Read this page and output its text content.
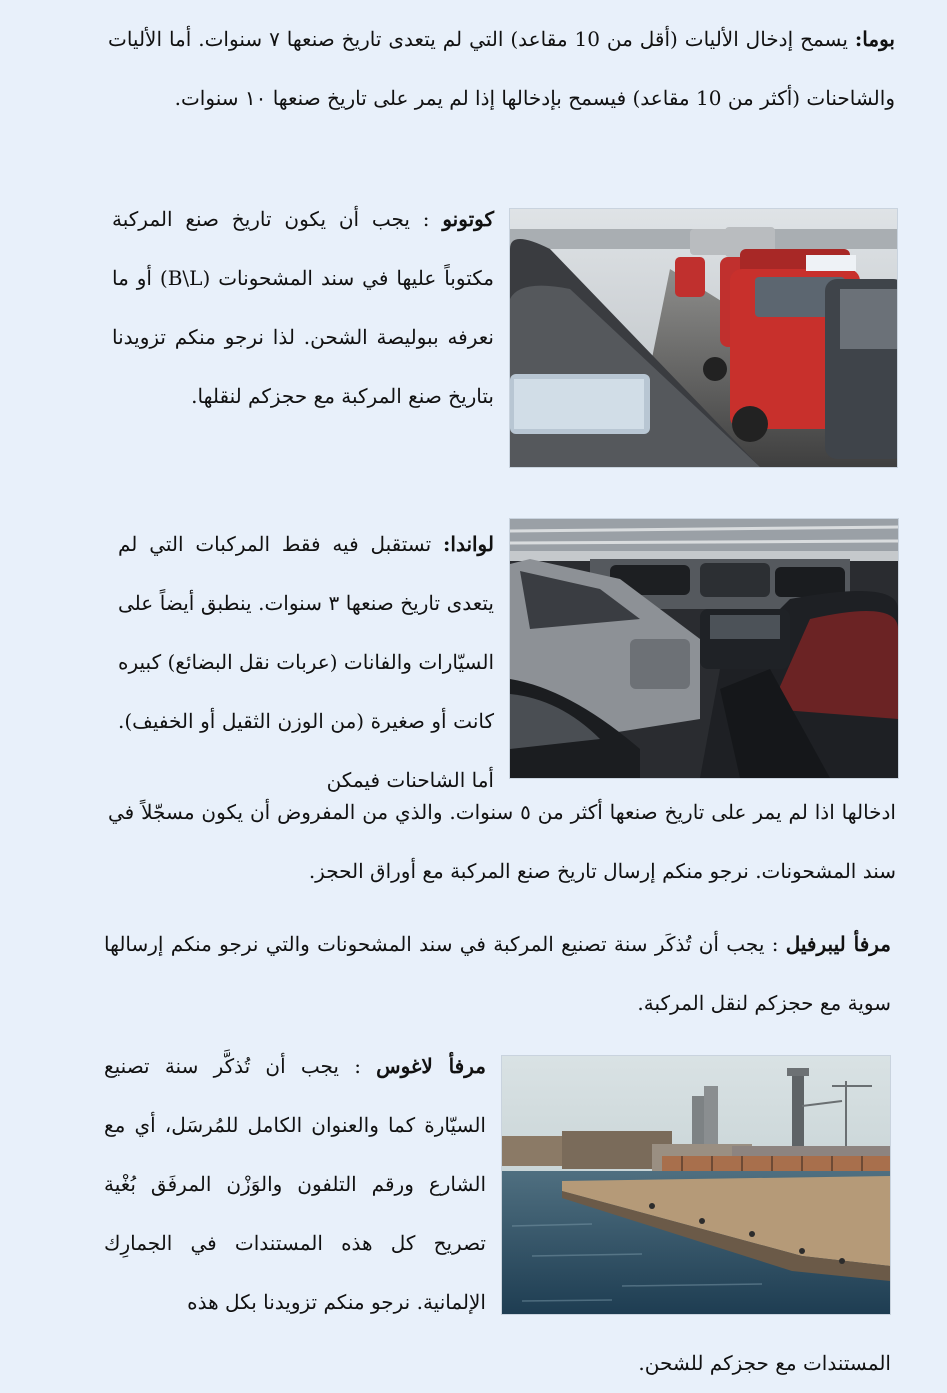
بوما: يسمح إدخال الأليات (أقل من 10 مقاعد) التي لم يتعدى تاريخ صنعها ٧ سنوات. أما الأليات والشاحنات (أكثر من 10 مقاعد) فيسمح بإدخالها إذا لم يمر على تاريخ صنعها ١٠ سنوات.

كوتونو : يجب أن يكون تاريخ صنع المركبة مكتوباً عليها في سند المشحونات (B\L) أو ما نعرفه ببوليصة الشحن. لذا نرجو منكم تزويدنا بتاريخ صنع المركبة مع حجزكم لنقلها.

لواندا: تستقبل فيه فقط المركبات التي لم يتعدى تاريخ صنعها ٣ سنوات. ينطبق أيضاً على السيّارات والفانات (عربات نقل البضائع) كبيره كانت أو صغيرة (من الوزن الثقيل أو الخفيف). أما الشاحنات فيمكن

ادخالها اذا لم يمر على تاريخ صنعها أكثر من ٥ سنوات. والذي من المفروض أن يكون مسجّلاً في سند المشحونات. نرجو منكم إرسال تاريخ صنع المركبة مع أوراق الحجز.

مرفأ ليبرفيل : يجب أن تُذكَر سنة تصنيع المركبة في سند المشحونات والتي نرجو منكم إرسالها سوية مع حجزكم لنقل المركبة.

مرفأ لاغوس : يجب أن تُذكَّر سنة تصنيع السيّارة كما والعنوان الكامل للمُرسَل، أي مع الشارع ورقم التلفون والوَزْن المرفَق بُغْية تصريح كل هذه المستندات في الجمارِك الإلمانية. نرجو منكم تزويدنا بكل هذه

المستندات مع حجزكم للشحن.
